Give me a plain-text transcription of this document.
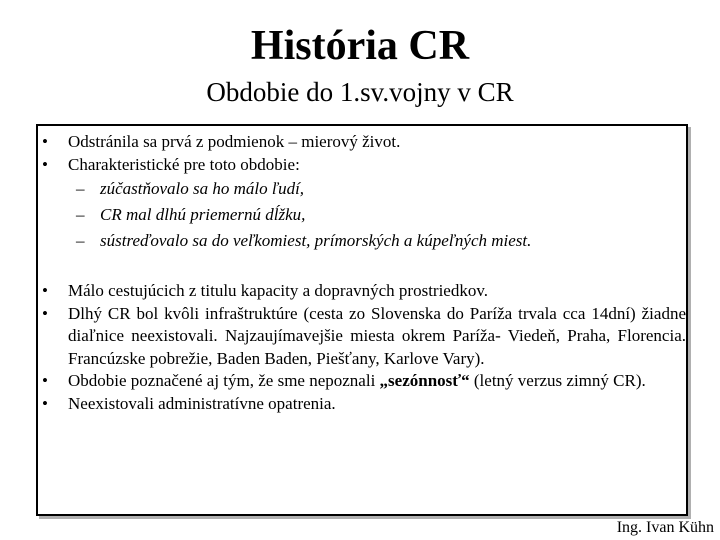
História CR
Obdobie do 1.sv.vojny v CR
• Odstránila sa prvá z podmienok – mierový život.
• Charakteristické pre toto obdobie:
– zúčastňovalo sa ho málo ľudí,
– CR mal dlhú priemernú dĺžku,
– sústreďovalo sa do veľkomiest, prímorských a kúpeľných miest.
• Málo cestujúcich z titulu kapacity a dopravných prostriedkov.
• Dlhý CR bol kvôli infraštruktúre (cesta zo Slovenska do Paríža trvala cca 14dní) žiadne diaľnice neexistovali. Najzaujímavejšie miesta okrem Paríža- Viedeň, Praha, Florencia. Francúzske pobrežie, Baden Baden, Piešťany, Karlove Vary).
• Obdobie poznačené aj tým, že sme nepoznali „sezónnosť“ (letný verzus zimný CR).
• Neexistovali administratívne opatrenia.
Ing. Ivan Kühn
